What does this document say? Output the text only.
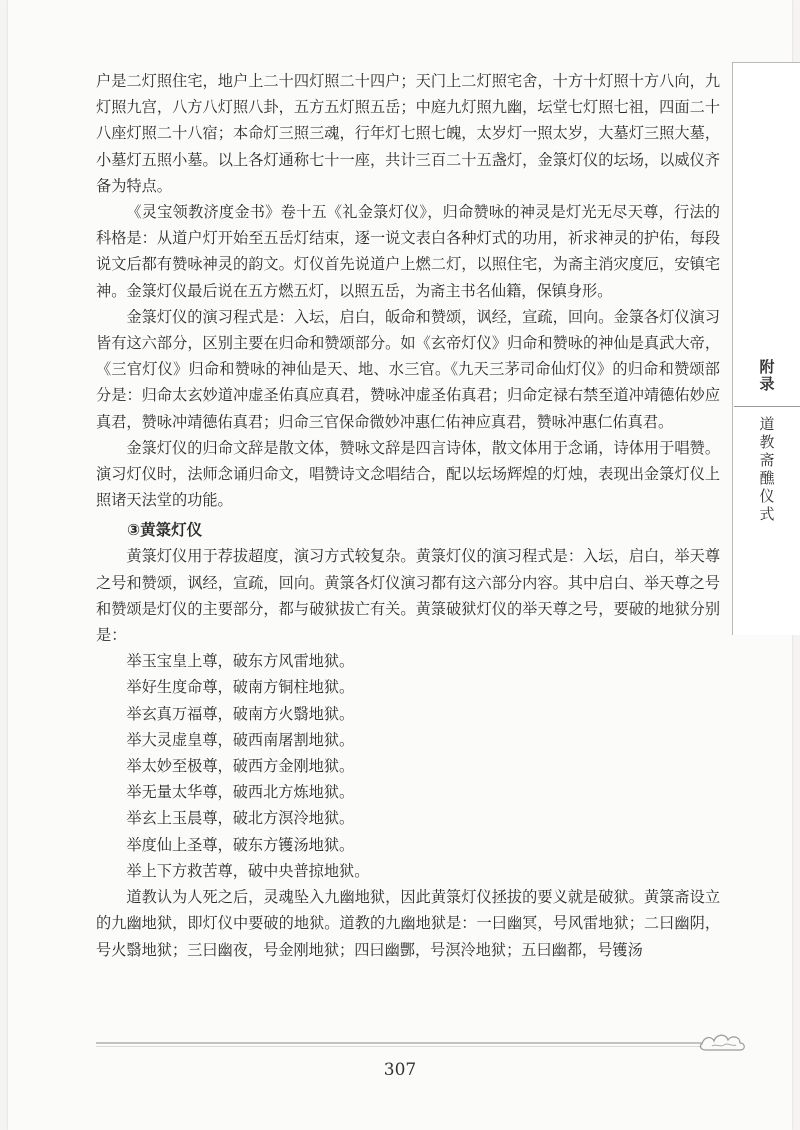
附录
道教斋醮仪式

户是二灯照住宅，地户上二十四灯照二十四户；天门上二灯照宅舍，十方十灯照十方八向，九灯照九宫，八方八灯照八卦，五方五灯照五岳；中庭九灯照九幽，坛堂七灯照七祖，四面二十八座灯照二十八宿；本命灯三照三魂，行年灯七照七魄，太岁灯一照太岁，大墓灯三照大墓，小墓灯五照小墓。以上各灯通称七十一座，共计三百二十五盏灯，金箓灯仪的坛场，以威仪齐备为特点。

《灵宝领教济度金书》卷十五《礼金箓灯仪》，归命赞咏的神灵是灯光无尽天尊，行法的科格是：从道户灯开始至五岳灯结束，逐一说文表白各种灯式的功用，祈求神灵的护佑，每段说文后都有赞咏神灵的韵文。灯仪首先说道户上燃二灯，以照住宅，为斋主消灾度厄，安镇宅神。金箓灯仪最后说在五方燃五灯，以照五岳，为斋主书名仙籍，保镇身形。

金箓灯仪的演习程式是：入坛，启白，皈命和赞颂，讽经，宣疏，回向。金箓各灯仪演习皆有这六部分，区别主要在归命和赞颂部分。如《玄帝灯仪》归命和赞咏的神仙是真武大帝，《三官灯仪》归命和赞咏的神仙是天、地、水三官。《九天三茅司命仙灯仪》的归命和赞颂部分是：归命太玄妙道冲虚圣佑真应真君，赞咏冲虚圣佑真君；归命定禄右禁至道冲靖德佑妙应真君，赞咏冲靖德佑真君；归命三官保命微妙冲惠仁佑神应真君，赞咏冲惠仁佑真君。

金箓灯仪的归命文辞是散文体，赞咏文辞是四言诗体，散文体用于念诵，诗体用于唱赞。演习灯仪时，法师念诵归命文，唱赞诗文念唱结合，配以坛场辉煌的灯烛，表现出金箓灯仪上照诸天法堂的功能。

③黄箓灯仪

黄箓灯仪用于荐拔超度，演习方式较复杂。黄箓灯仪的演习程式是：入坛，启白，举天尊之号和赞颂，讽经，宣疏，回向。黄箓各灯仪演习都有这六部分内容。其中启白、举天尊之号和赞颂是灯仪的主要部分，都与破狱拔亡有关。黄箓破狱灯仪的举天尊之号，要破的地狱分别是：

举玉宝皇上尊，破东方风雷地狱。

举好生度命尊，破南方铜柱地狱。

举玄真万福尊，破南方火翳地狱。

举大灵虚皇尊，破西南屠割地狱。

举太妙至极尊，破西方金刚地狱。

举无量太华尊，破西北方炼地狱。

举玄上玉晨尊，破北方溟泠地狱。

举度仙上圣尊，破东方镬汤地狱。

举上下方救苦尊，破中央普掠地狱。

道教认为人死之后，灵魂坠入九幽地狱，因此黄箓灯仪拯拔的要义就是破狱。黄箓斋设立的九幽地狱，即灯仪中要破的地狱。道教的九幽地狱是：一曰幽冥，号风雷地狱；二曰幽阴，号火翳地狱；三曰幽夜，号金刚地狱；四曰幽酆，号溟泠地狱；五曰幽都，号镬汤

307
